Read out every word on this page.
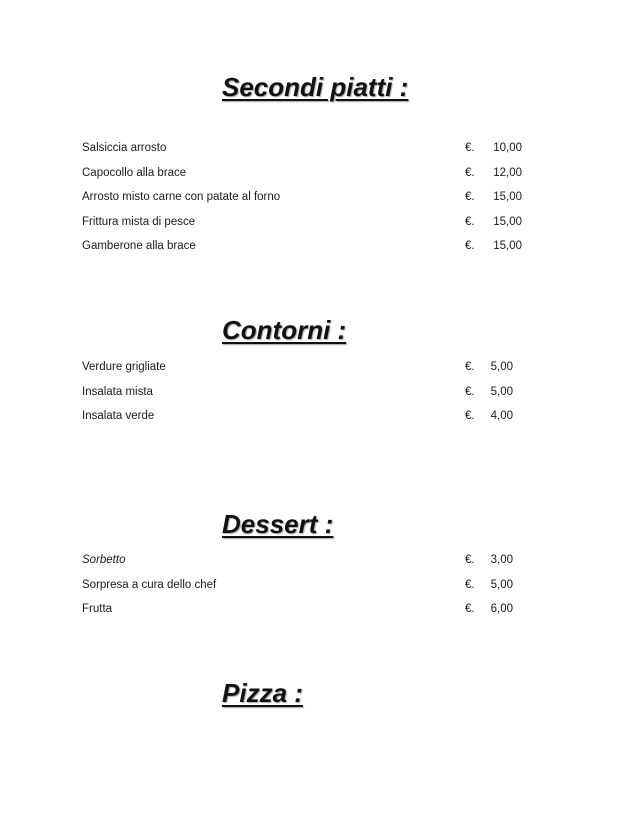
Secondi piatti :
Salsiccia arrosto	€. 10,00
Capocollo alla brace	€. 12,00
Arrosto misto carne con patate al forno	€. 15,00
Frittura mista di pesce	€. 15,00
Gamberone alla brace	€. 15,00
Contorni :
Verdure grigliate	€. 5,00
Insalata mista	€. 5,00
Insalata verde	€. 4,00
Dessert :
Sorbetto	€. 3,00
Sorpresa a cura dello chef	€. 5,00
Frutta	€. 6,00
Pizza :
